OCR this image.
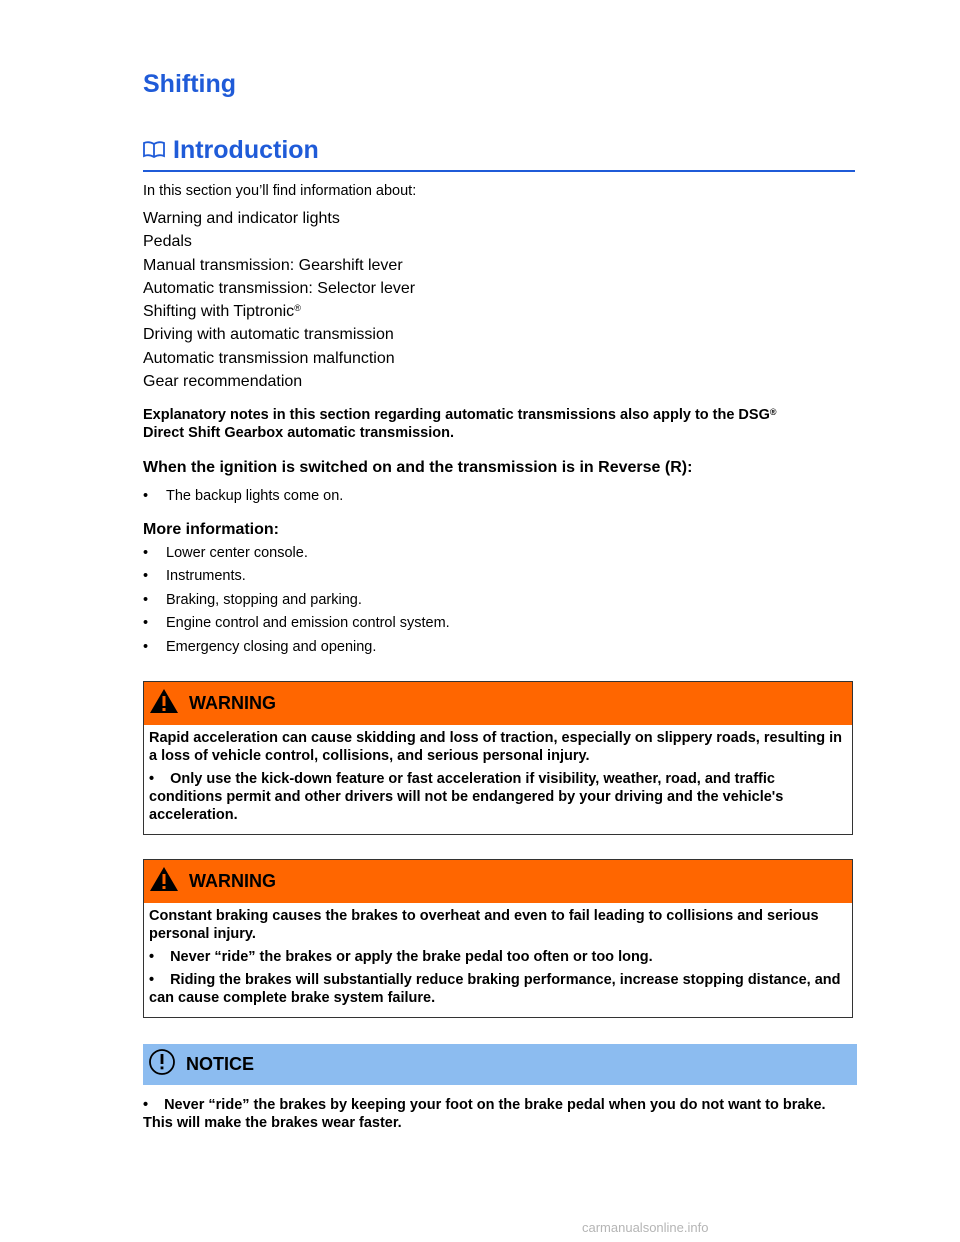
Shifting
Introduction
In this section you’ll find information about:
Warning and indicator lights
Pedals
Manual transmission: Gearshift lever
Automatic transmission: Selector lever
Shifting with Tiptronic®
Driving with automatic transmission
Automatic transmission malfunction
Gear recommendation
Explanatory notes in this section regarding automatic transmissions also apply to the DSG®
Direct Shift Gearbox automatic transmission.
When the ignition is switched on and the transmission is in Reverse (R):
• The backup lights come on.
More information:
• Lower center console.
• Instruments.
• Braking, stopping and parking.
• Engine control and emission control system.
• Emergency closing and opening.
WARNING

Rapid acceleration can cause skidding and loss of traction, especially on slippery roads, resulting in a loss of vehicle control, collisions, and serious personal injury.

• Only use the kick-down feature or fast acceleration if visibility, weather, road, and traffic conditions permit and other drivers will not be endangered by your driving and the vehicle's acceleration.

WARNING

Constant braking causes the brakes to overheat and even to fail leading to collisions and serious personal injury.

• Never “ride” the brakes or apply the brake pedal too often or too long.

• Riding the brakes will substantially reduce braking performance, increase stopping distance, and can cause complete brake system failure.

NOTICE
• Never “ride” the brakes by keeping your foot on the brake pedal when you do not want to brake. This will make the brakes wear faster.
carmanualsonline.info
